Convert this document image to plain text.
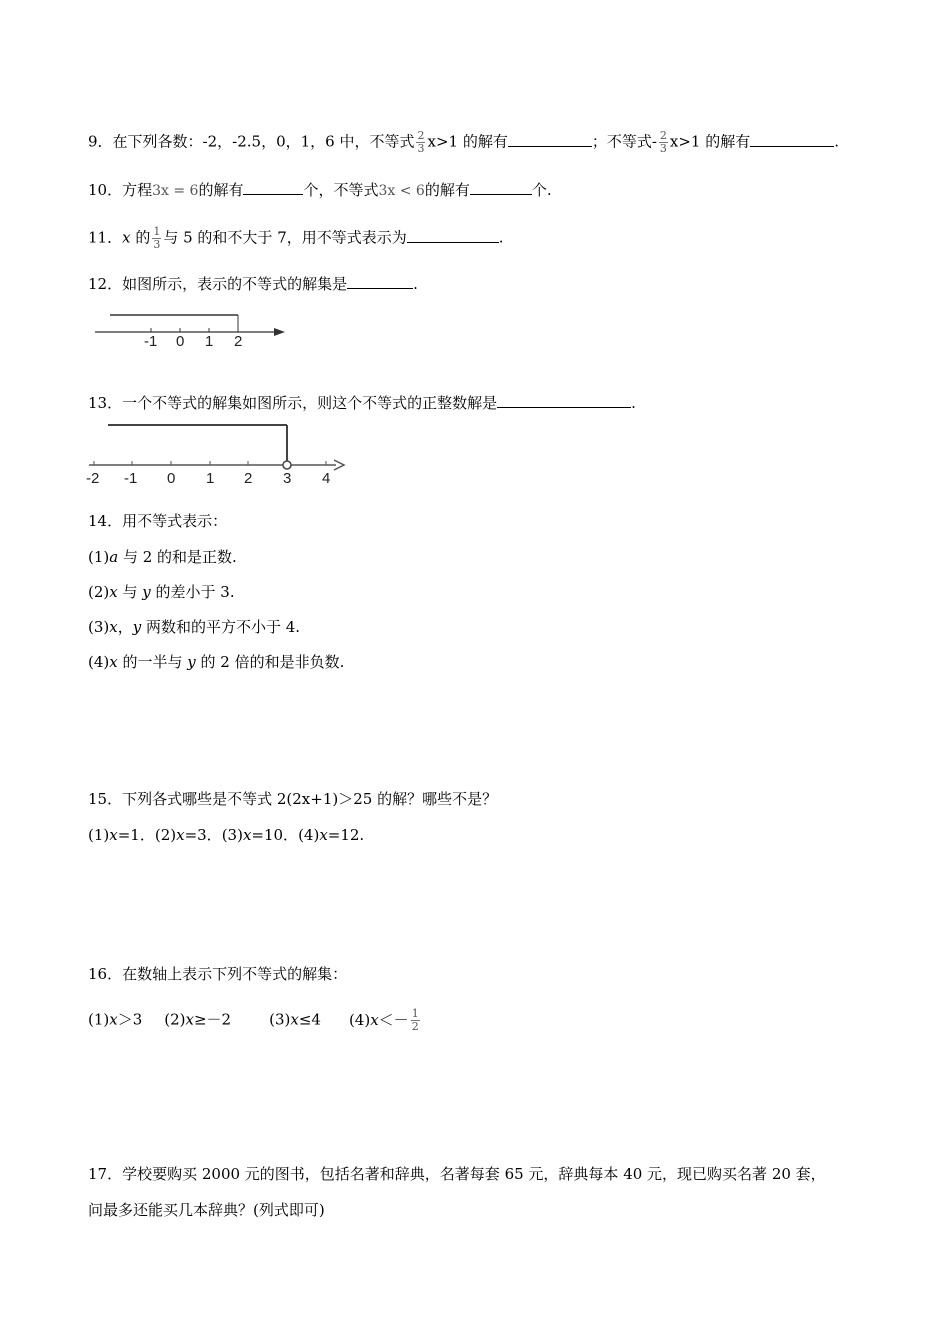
9．在下列各数：-2，-2.5，0，1，6 中，不等式 $\frac{2}{3} x>1$ 的解有	；不等式- $\frac{2}{3} x>1$ 的解有	.
10．方程3x = 6的解有	个，不等式3x < 6的解有	个.
11．x 的 $\frac{1}{3}$ 与 5 的和不大于 7，用不等式表示为	.
12．如图所示，表示的不等式的解集是	.
-1 0 1 2
13．一个不等式的解集如图所示，则这个不等式的正整数解是	.
-2 -1 0 1 2 3 4
14．用不等式表示：
(1)a 与 2 的和是正数.
(2)x 与 y 的差小于 3.
(3)x，y 两数和的平方不小于 4.
(4)x 的一半与 y 的 2 倍的和是非负数.
15．下列各式哪些是不等式 2(2x+1)＞25 的解？哪些不是？
(1)x=1．(2)x=3．(3)x=10．(4)x=12.
16．在数轴上表示下列不等式的解集：
(1)x＞3 (2)x≥－2	(3)x≤4 $(4)x<- \frac{1}{2}$
17．学校要购买 2000 元的图书，包括名著和辞典，名著每套 65 元，辞典每本 40 元，现已购买名著 20 套，
问最多还能买几本辞典？(列式即可)
